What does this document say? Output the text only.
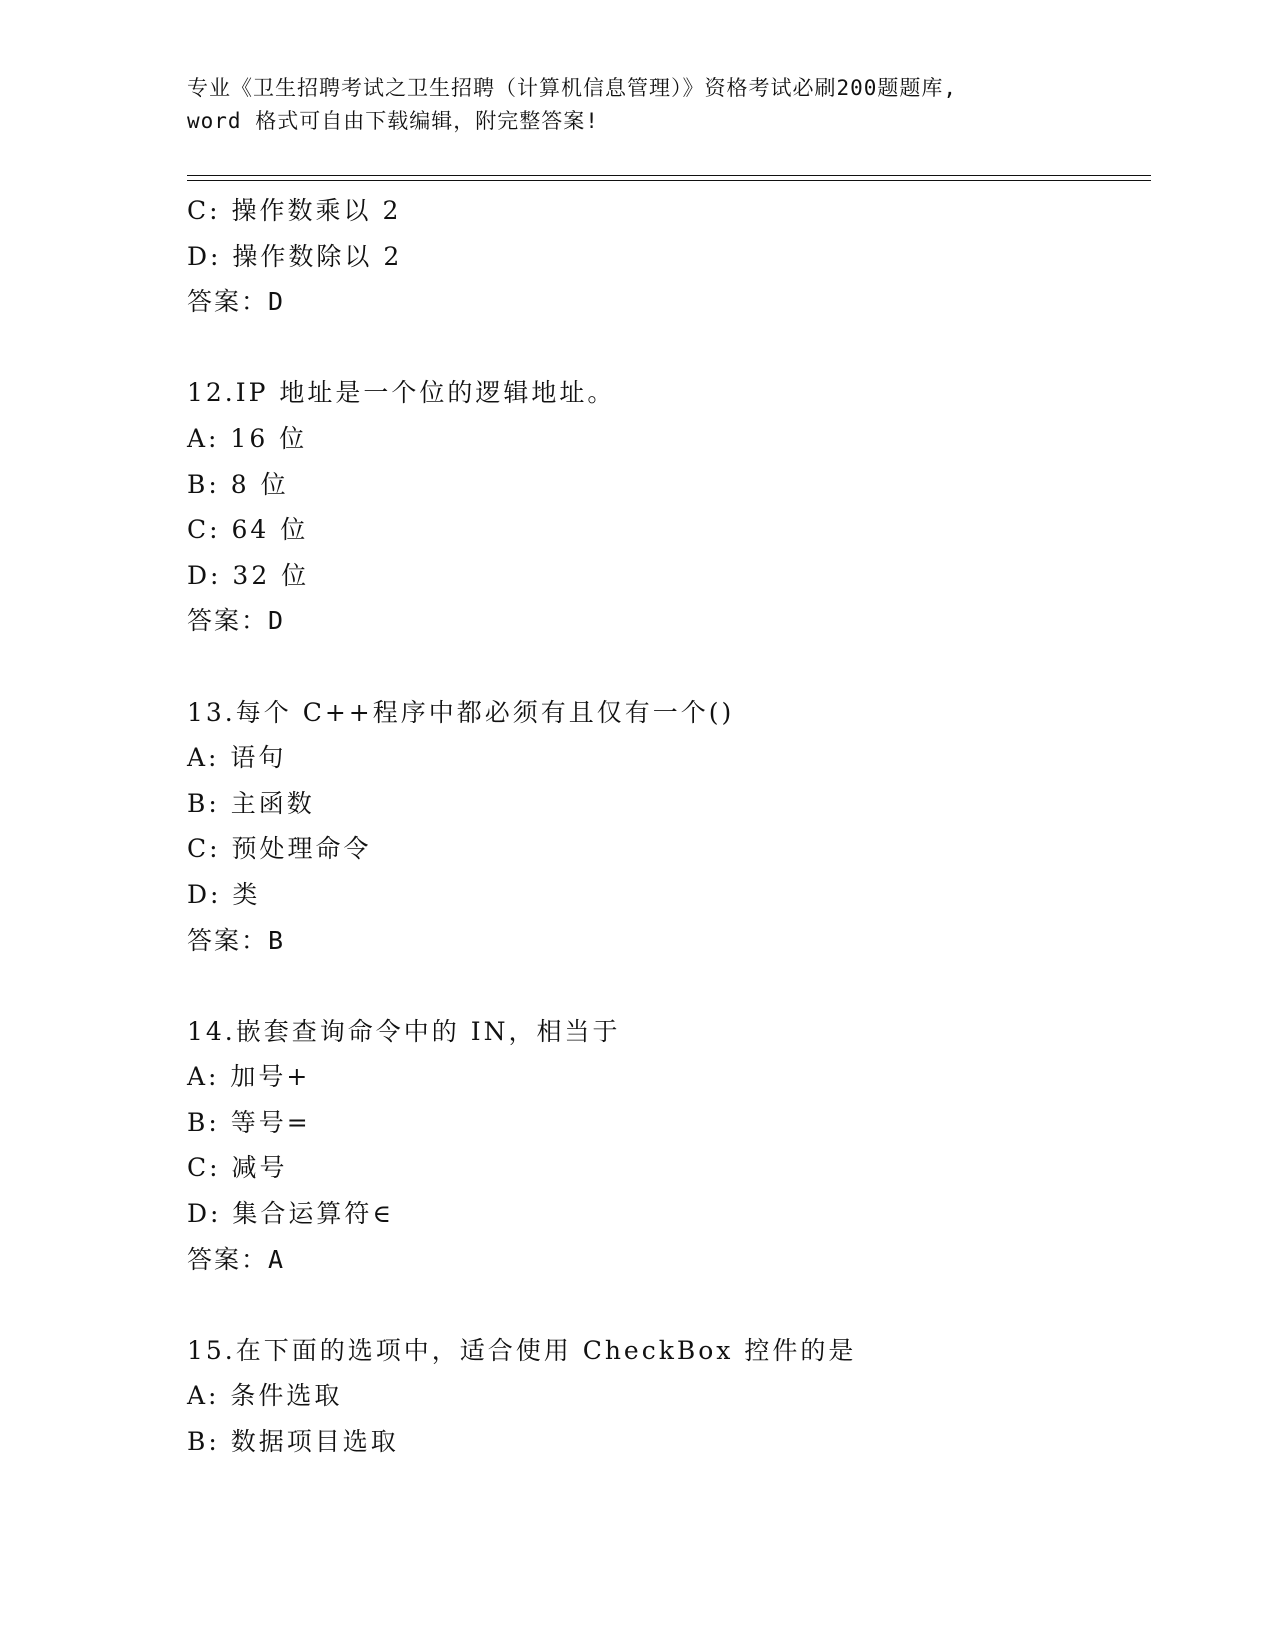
专业《卫生招聘考试之卫生招聘（计算机信息管理）》资格考试必刷200题题库,
word 格式可自由下载编辑，附完整答案!
C: 操作数乘以 2
D: 操作数除以 2
答案：D
12.IP 地址是一个位的逻辑地址。
A: 16 位
B: 8 位
C: 64 位
D: 32 位
答案：D
13.每个 C++程序中都必须有且仅有一个()
A: 语句
B: 主函数
C: 预处理命令
D: 类
答案：B
14.嵌套查询命令中的 IN，相当于
A: 加号+
B: 等号=
C: 减号
D: 集合运算符∈
答案：A
15.在下面的选项中，适合使用 CheckBox 控件的是
A: 条件选取
B: 数据项目选取
